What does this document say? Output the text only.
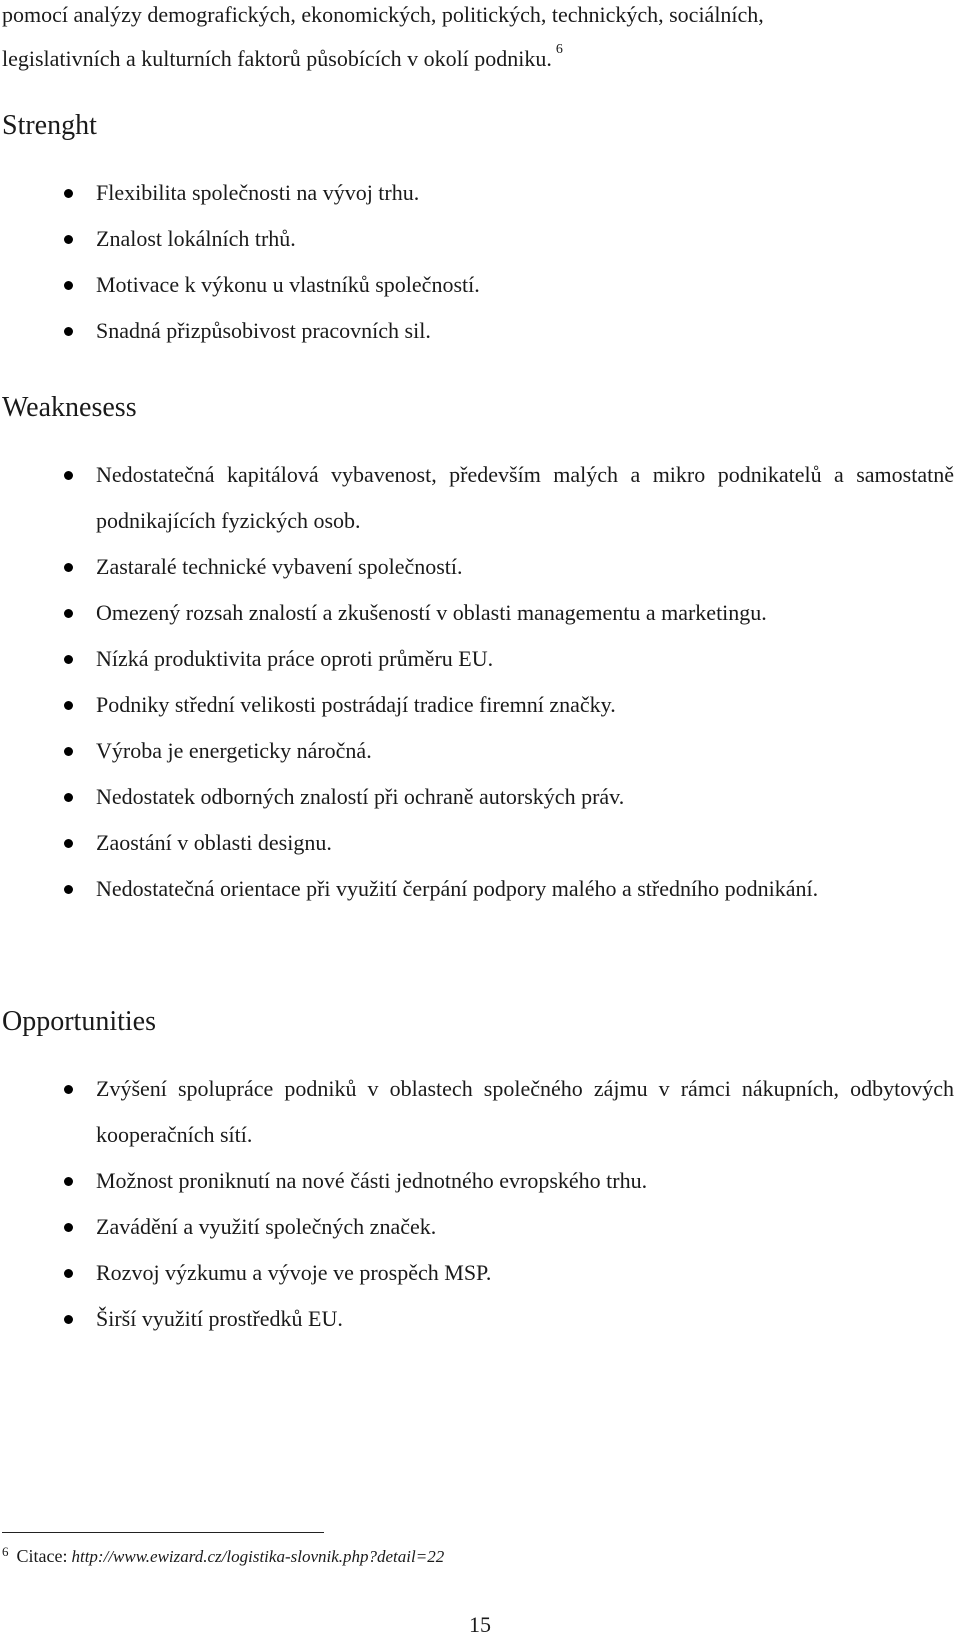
pomocí analýzy demografických, ekonomických, politických, technických, sociálních,
legislativních a kulturních faktorů působících v okolí podniku. $^6$
Strenght
Flexibilita společnosti na vývoj trhu.
Znalost lokálních trhů.
Motivace k výkonu u vlastníků společností.
Snadná přizpůsobivost pracovních sil.
Weaknesess
Nedostatečná kapitálová vybavenost, především malých a mikro podnikatelů a samostatně podnikajících fyzických osob.
Zastaralé technické vybavení společností.
Omezený rozsah znalostí a zkušeností v oblasti managementu a marketingu.
Nízká produktivita práce oproti průměru EU.
Podniky střední velikosti postrádají tradice firemní značky.
Výroba je energeticky náročná.
Nedostatek odborných znalostí při ochraně autorských práv.
Zaostání v oblasti designu.
Nedostatečná orientace při využití čerpání podpory malého a středního podnikání.
Opportunities
Zvýšení spolupráce podniků v oblastech společného zájmu v rámci nákupních, odbytových kooperačních sítí.
Možnost proniknutí na nové části jednotného evropského trhu.
Zavádění a využití společných značek.
Rozvoj výzkumu a vývoje ve prospěch MSP.
Širší využití prostředků EU.
$^6$ Citace: http://www.ewizard.cz/logistika-slovnik.php?detail=22
15
